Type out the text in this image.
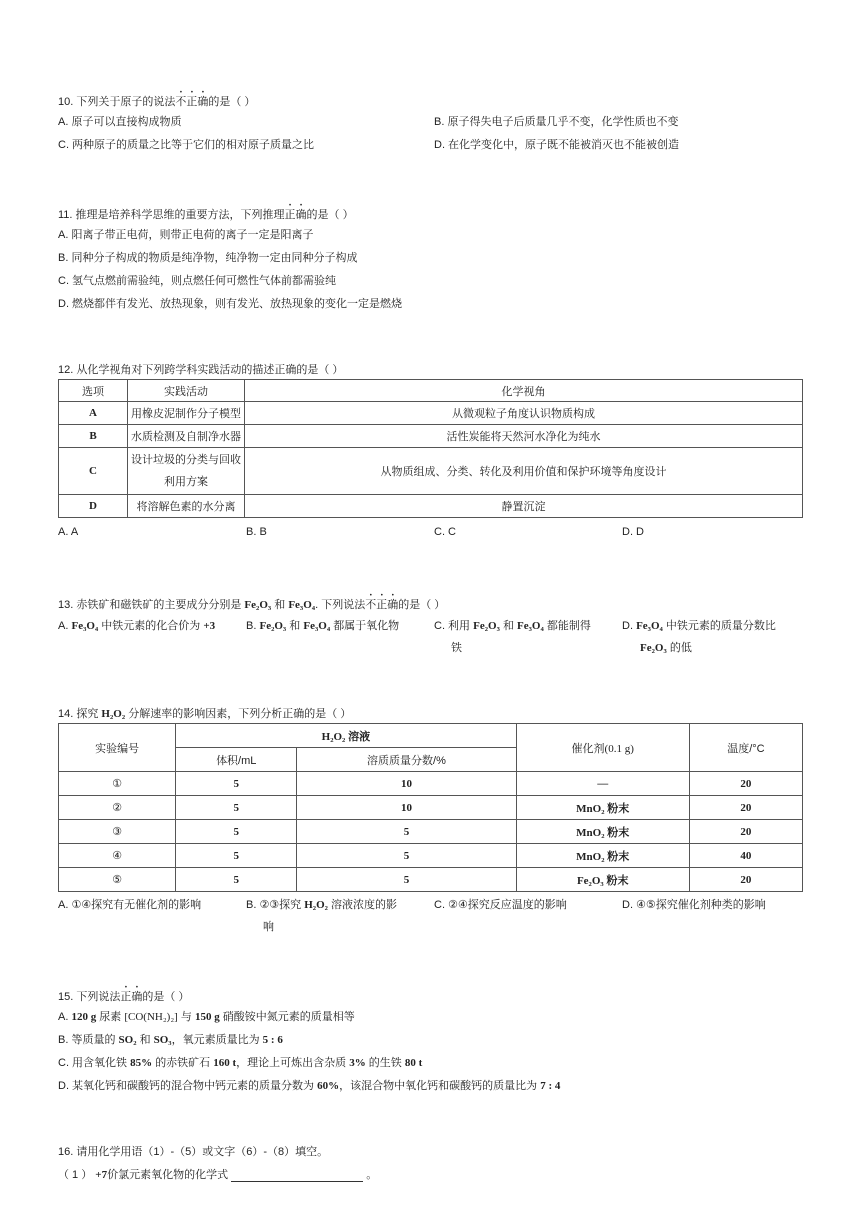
10. 下列关于原子的说法不正确的是（ ）
A. 原子可以直接构成物质	B. 原子得失电子后质量几乎不变，化学性质也不变
C. 两种原子的质量之比等于它们的相对原子质量之比	D. 在化学变化中，原子既不能被消灭也不能被创造
11. 推理是培养科学思维的重要方法，下列推理正确的是（ ）
A. 阳离子带正电荷，则带正电荷的离子一定是阳离子
B. 同种分子构成的物质是纯净物，纯净物一定由同种分子构成
C. 氢气点燃前需验纯，则点燃任何可燃性气体前都需验纯
D. 燃烧都伴有发光、放热现象，则有发光、放热现象的变化一定是燃烧
12. 从化学视角对下列跨学科实践活动的描述正确的是（ ）
选项	实践活动	化学视角
A	用橡皮泥制作分子模型	从微观粒子角度认识物质构成
B	水质检测及自制净水器	活性炭能将天然河水净化为纯水
C	设计垃圾的分类与回收利用方案	从物质组成、分类、转化及利用价值和保护环境等角度设计
D	将溶解色素的水分离	静置沉淀
A. A	B. B	C. C	D. D
13. 赤铁矿和磁铁矿的主要成分分别是 Fe₂O₃ 和 Fe₃O₄. 下列说法不正确的是（ ）
A. Fe₃O₄ 中铁元素的化合价为 +3	B. Fe₂O₃ 和 Fe₃O₄ 都属于氧化物	C. 利用 Fe₂O₃ 和 Fe₃O₄ 都能制得
铁
D. Fe₃O₄ 中铁元素的质量分数比
Fe₂O₃ 的低
14. 探究 H₂O₂ 分解速率的影响因素，下列分析正确的是（ ）
实验编号	H₂O₂ 溶液		催化剂(0.1 g)	温度/°C
	体积/mL	溶质质量分数/%		
①	5	10	—	20
②	5	10	MnO₂ 粉末	20
③	5	5	MnO₂ 粉末	20
④	5	5	MnO₂ 粉末	40
⑤	5	5	Fe₂O₃ 粉末	20
A. ①④探究有无催化剂的影响	B. ②③探究 H₂O₂ 溶液浓度的影
响
C. ②④探究反应温度的影响	D. ④⑤探究催化剂种类的影响
15. 下列说法正确的是（ ）
A. 120 g 尿素 [CO(NH₂)₂] 与 150 g 硝酸铵中氮元素的质量相等
B. 等质量的 SO₂ 和 SO₃，氧元素质量比为 5 : 6
C. 用含氧化铁 85% 的赤铁矿石 160 t，理论上可炼出含杂质 3% 的生铁 80 t
D. 某氧化钙和碳酸钙的混合物中钙元素的质量分数为 60%，该混合物中氧化钙和碳酸钙的质量比为 7 : 4
16. 请用化学用语（1）-（5）或文字（6）-（8）填空。
（ 1 ） +7价氯元素氧化物的化学式	。
